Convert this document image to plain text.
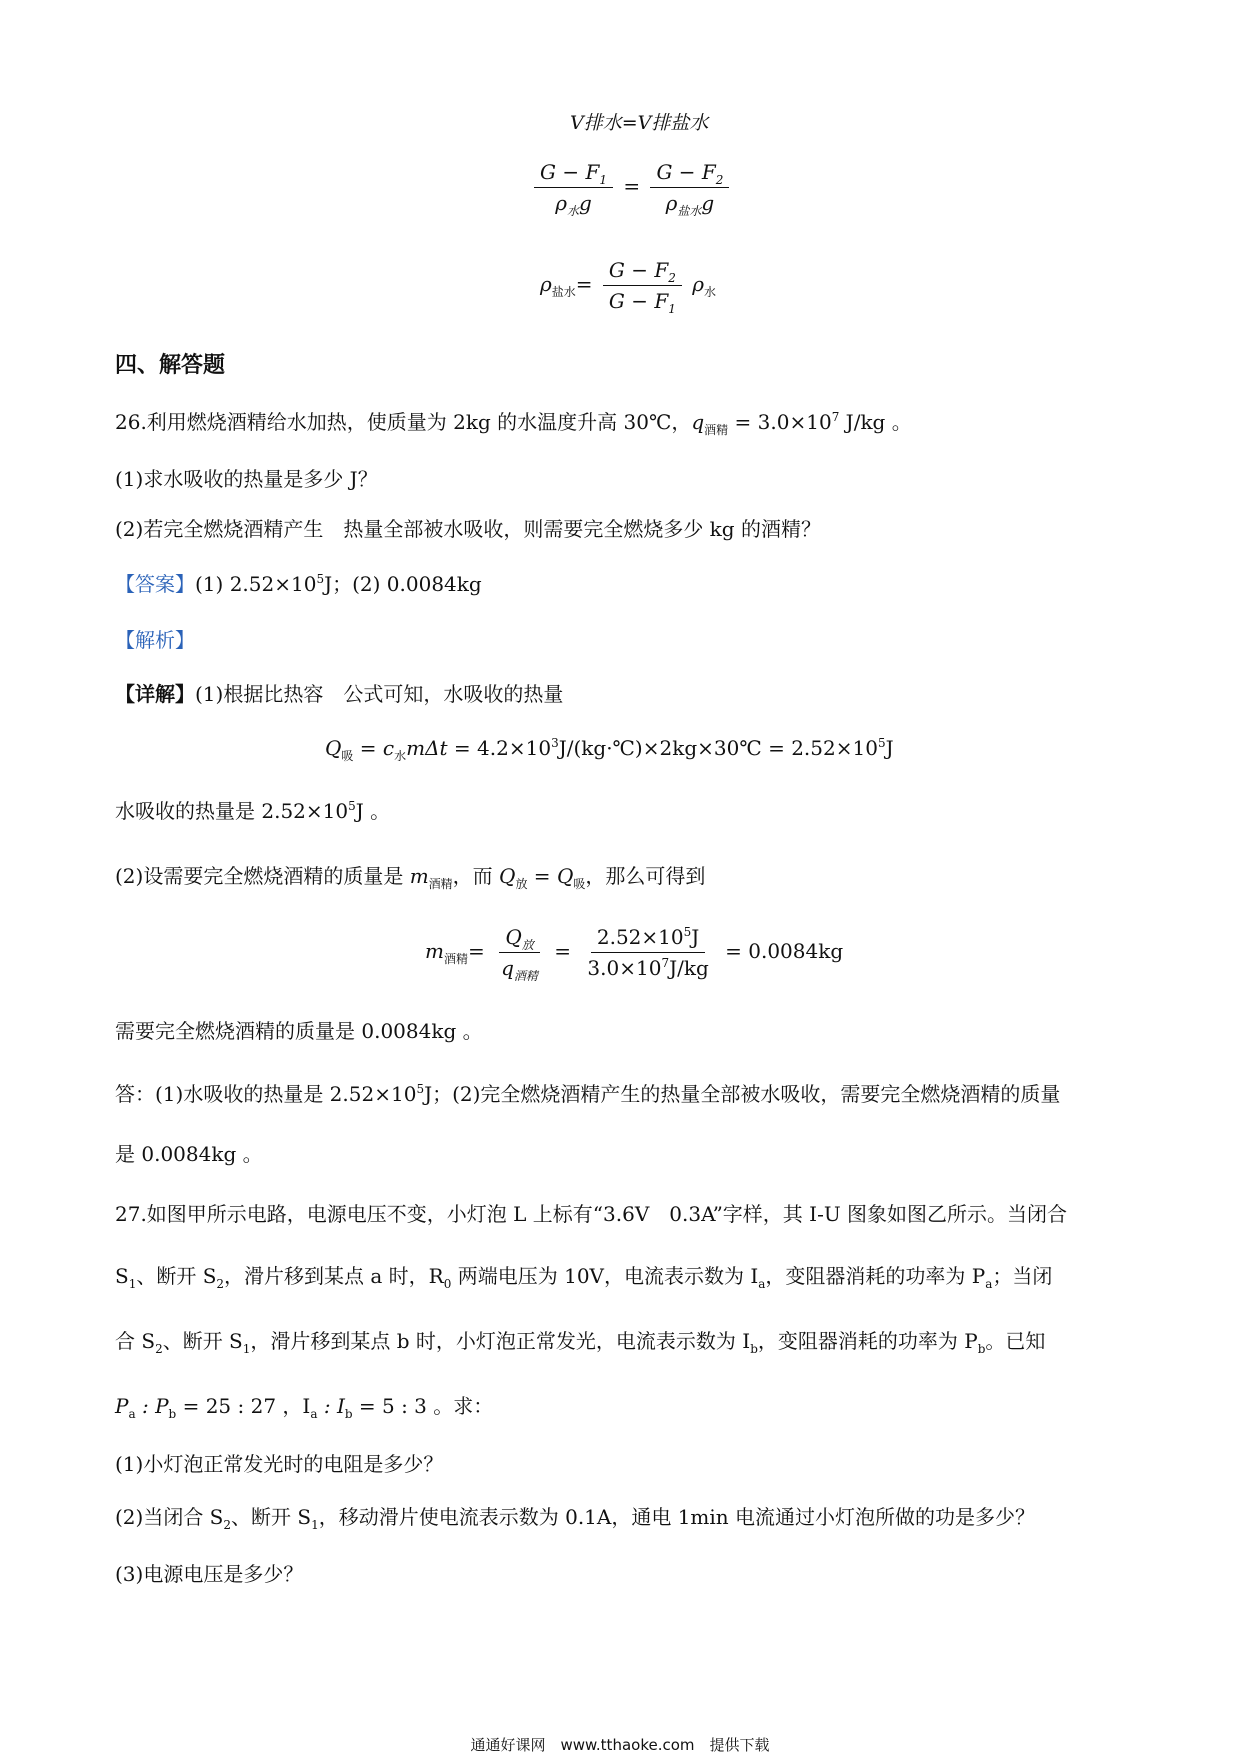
V排水=V排盐水
$\frac{G - F_1}{\rho_水g} = \frac{G - F_2}{\rho_{盐水}g}$
$\rho_{盐水}= \frac{G - F_2}{G - F_1} \rho_水$
四、解答题
26.利用燃烧酒精给水加热，使质量为 2kg 的水温度升高 30℃，$q_{酒精} = 3.0\times 10^7$ J/kg 。
(1)求水吸收的热量是多少 J？
(2)若完全燃烧酒精产生　热量全部被水吸收，则需要完全燃烧多少 kg 的酒精？
【答案】(1) $2.52\times 10^5J$；(2) 0.0084kg
【解析】
【详解】(1)根据比热容　公式可知，水吸收的热量
$Q_吸 = c_水m\Delta t$ = $4.2\times 10^3J/(kg\cdot℃)\times 2kg\times 30℃ = 2.52\times 10^5J$
水吸收的热量是 $2.52\times 10^5J$ 。
(2)设需要完全燃烧酒精的质量是 $m_{酒精}$，而 $Q_放 = Q_吸$，那么可得到
$m_{酒精}= \frac{Q_放}{q_{酒精}} = \frac{2.52\times 10^5J}{3.0\times 10^7J/kg} = 0.0084kg$
需要完全燃烧酒精的质量是 0.0084kg 。
答：(1)水吸收的热量是 $2.52\times 10^5J$；(2)完全燃烧酒精产生的热量全部被水吸收，需要完全燃烧酒精的质量
是 0.0084kg 。
27.如图甲所示电路，电源电压不变，小灯泡 L 上标有“3.6V　0.3A”字样，其 I-U 图象如图乙所示。当闭合
$S_1$、断开 $S_2$，滑片移到某点 a 时，$R_0$ 两端电压为 10V，电流表示数为 $I_a$，变阻器消耗的功率为 $P_a$；当闭
合 $S_2$、断开 $S_1$，滑片移到某点 b 时，小灯泡正常发光，电流表示数为 $I_b$，变阻器消耗的功率为 $P_b$。已知
$P_a$ : $P_b = 25$ : 27 ，$I_a$ : $I_b = 5$ : 3 。求：
(1)小灯泡正常发光时的电阻是多少？
(2)当闭合 $S_2$、断开 $S_1$，移动滑片使电流表示数为 0.1A，通电 1min 电流通过小灯泡所做的功是多少？
(3)电源电压是多少？
通通好课网　www.tthaoke.com　提供下载
